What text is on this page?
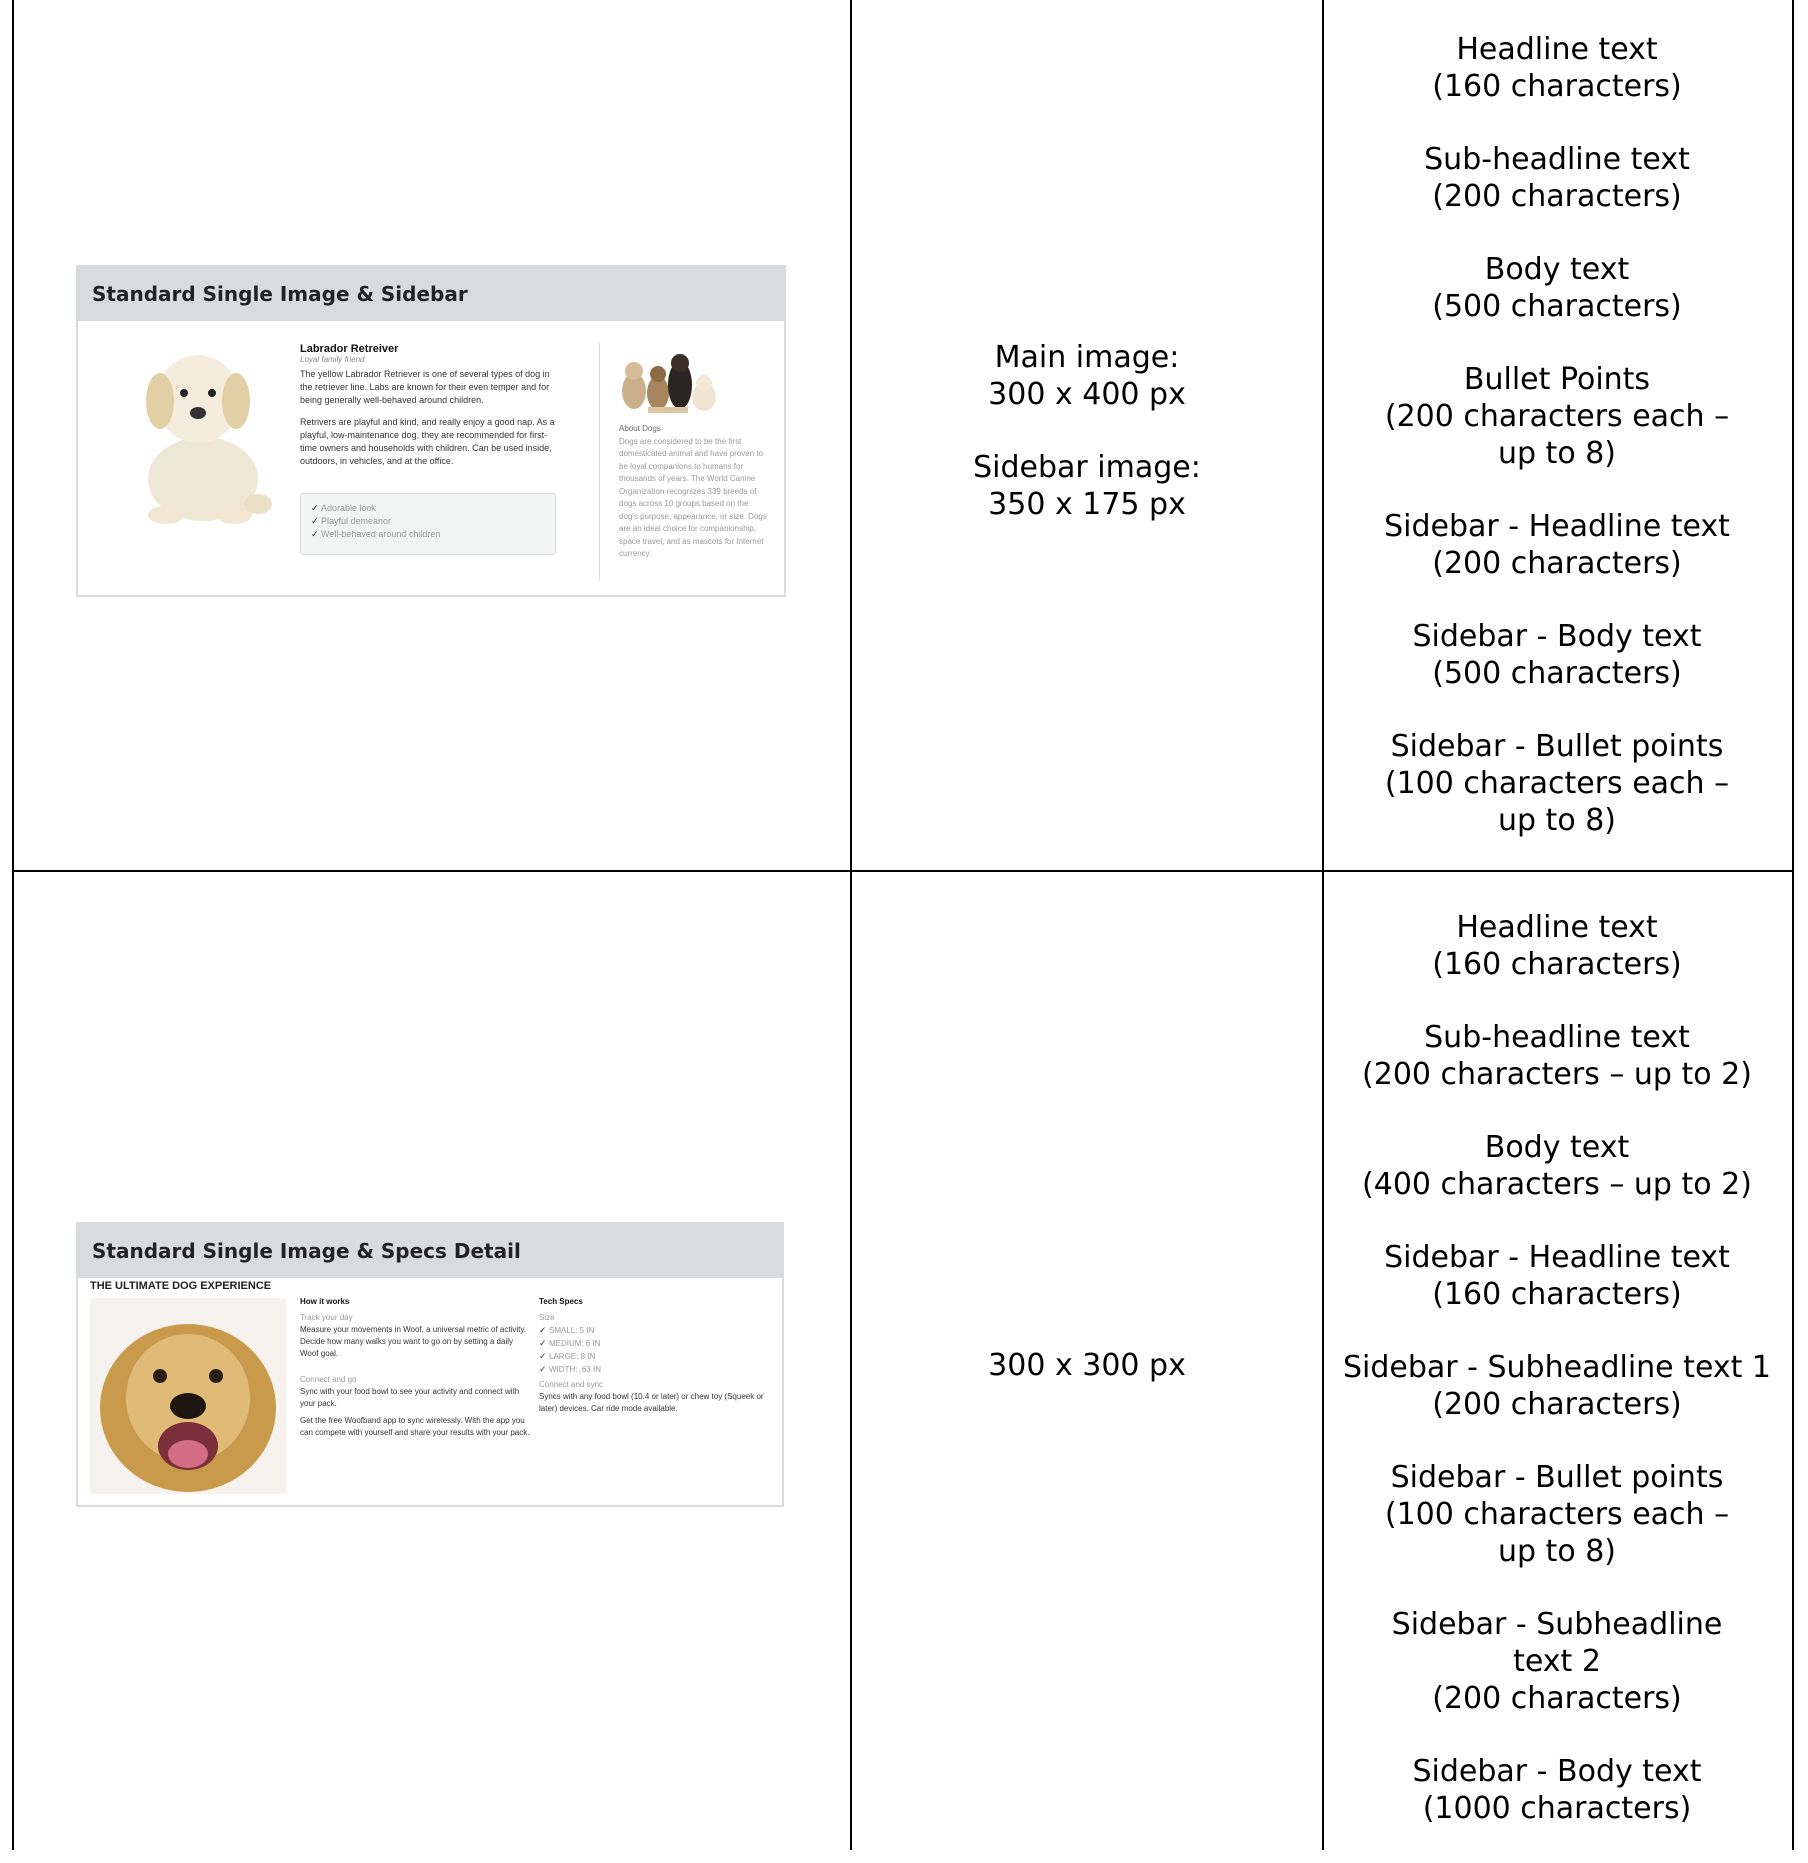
Standard Single Image & Sidebar
Labrador Retreiver
Loyal family friend
The yellow Labrador Retriever is one of several types of dog in the retriever line. Labs are known for their even temper and for being generally well-behaved around children.
Retrivers are playful and kind, and really enjoy a good nap. As a playful, low-maintenance dog, they are recommended for first-time owners and households with children. Can be used inside, outdoors, in vehicles, and at the office.
✓ Adorable look
✓ Playful demeanor
✓ Well-behaved around children
About Dogs
Dogs are considered to be the first domesticated animal and have proven to be loyal companions to humans for thousands of years. The World Canine Organization recognizes 339 breeds of dogs across 10 groups based on the dog's purpose, appearance, or size. Dogs are an ideal choice for companionship, space travel, and as mascots for Internet currency.

Main image:
300 x 400 px

Sidebar image:
350 x 175 px

Headline text
(160 characters)
Sub-headline text
(200 characters)
Body text
(500 characters)
Bullet Points
(200 characters each – up to 8)
Sidebar - Headline text
(200 characters)
Sidebar - Body text
(500 characters)
Sidebar - Bullet points
(100 characters each – up to 8)
Standard Single Image & Specs Detail
THE ULTIMATE DOG EXPERIENCE
How it works
Track your day
Measure your movements in Woof, a universal metric of activity.
Decide how many walks you want to go on by setting a daily Woof goal.
Connect and go
Sync with your food bowl to see your activity and connect with your pack.
Get the free Woofband app to sync wirelessly. With the app you can compete with yourself and share your results with your pack.
Tech Specs
Size
✓ SMALL: 5 IN
✓ MEDIUM: 6 IN
✓ LARGE: 8 IN
✓ WIDTH: .63 IN
Connect and sync
Syncs with any food bowl (10.4 or later) or chew toy (Squeek or later) devices. Car ride mode available.

300 x 300 px

Headline text
(160 characters)
Sub-headline text
(200 characters – up to 2)
Body text
(400 characters – up to 2)
Sidebar - Headline text
(160 characters)
Sidebar - Subheadline text 1
(200 characters)
Sidebar - Bullet points
(100 characters each – up to 8)
Sidebar - Subheadline text 2
(200 characters)
Sidebar - Body text
(1000 characters)
